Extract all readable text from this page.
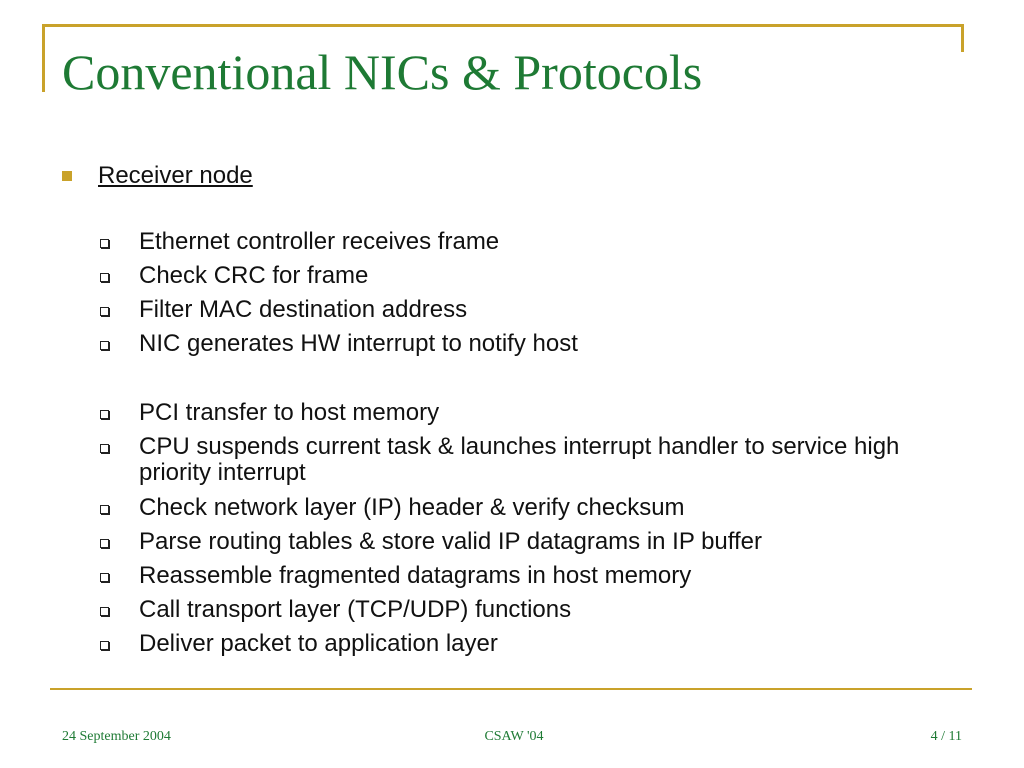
Conventional NICs & Protocols
Receiver node
Ethernet controller receives frame
Check CRC for frame
Filter MAC destination address
NIC generates HW interrupt to notify host
PCI transfer to host memory
CPU suspends current task & launches interrupt handler to service high priority interrupt
Check network layer (IP) header & verify checksum
Parse routing tables & store valid IP datagrams in IP buffer
Reassemble fragmented datagrams in host memory
Call transport layer (TCP/UDP) functions
Deliver packet to application layer
24 September 2004	CSAW '04	4 / 11
